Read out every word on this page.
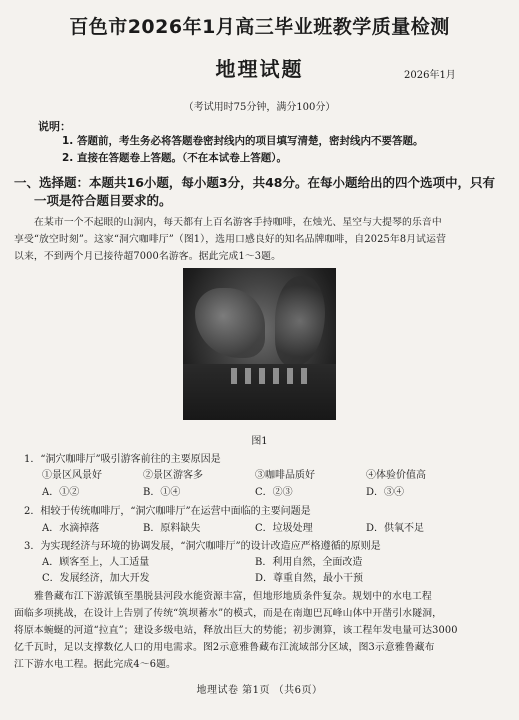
百色市2026年1月高三毕业班教学质量检测
地理试题	2026年1月
（考试用时75分钟，满分100分）
说明：
1. 答题前，考生务必将答题卷密封线内的项目填写清楚，密封线内不要答题。
2. 直接在答题卷上答题。（不在本试卷上答题）。
一、选择题：本题共16小题，每小题3分，共48分。在每小题给出的四个选项中，只有
一项是符合题目要求的。
在某市一个不起眼的山洞内，每天都有上百名游客手持咖啡，在烛光、星空与大提琴的乐音中
享受“放空时刻”。这家“洞穴咖啡厅”（图1），选用口感良好的知名品牌咖啡，自2025年8月试运营
以来，不到两个月已接待超7000名游客。据此完成1～3题。
图1
1．“洞穴咖啡厅”吸引游客前往的主要原因是
①景区风景好	②景区游客多	③咖啡品质好	④体验价值高
A．①②	B．①④	C．②③	D．③④
2．相较于传统咖啡厅，“洞穴咖啡厅”在运营中面临的主要问题是
A．水滴掉落	B．原料缺失	C．垃圾处理	D．供氧不足
3．为实现经济与环境的协调发展，“洞穴咖啡厅”的设计改造应严格遵循的原则是
A．顾客至上，人工适量	B．利用自然，全面改造
C．发展经济，加大开发	D．尊重自然，最小干预
雅鲁藏布江下游派镇至墨脱县河段水能资源丰富，但地形地质条件复杂。规划中的水电工程
面临多项挑战，在设计上告别了传统“筑坝蓄水”的模式，而是在南迦巴瓦峰山体中开凿引水隧洞，
将原本蜿蜒的河道“拉直”；建设多级电站，释放出巨大的势能；初步测算，该工程年发电量可达3000
亿千瓦时，足以支撑数亿人口的用电需求。图2示意雅鲁藏布江流域部分区域，图3示意雅鲁藏布
江下游水电工程。据此完成4～6题。
地理试卷 第1页 （共6页）
